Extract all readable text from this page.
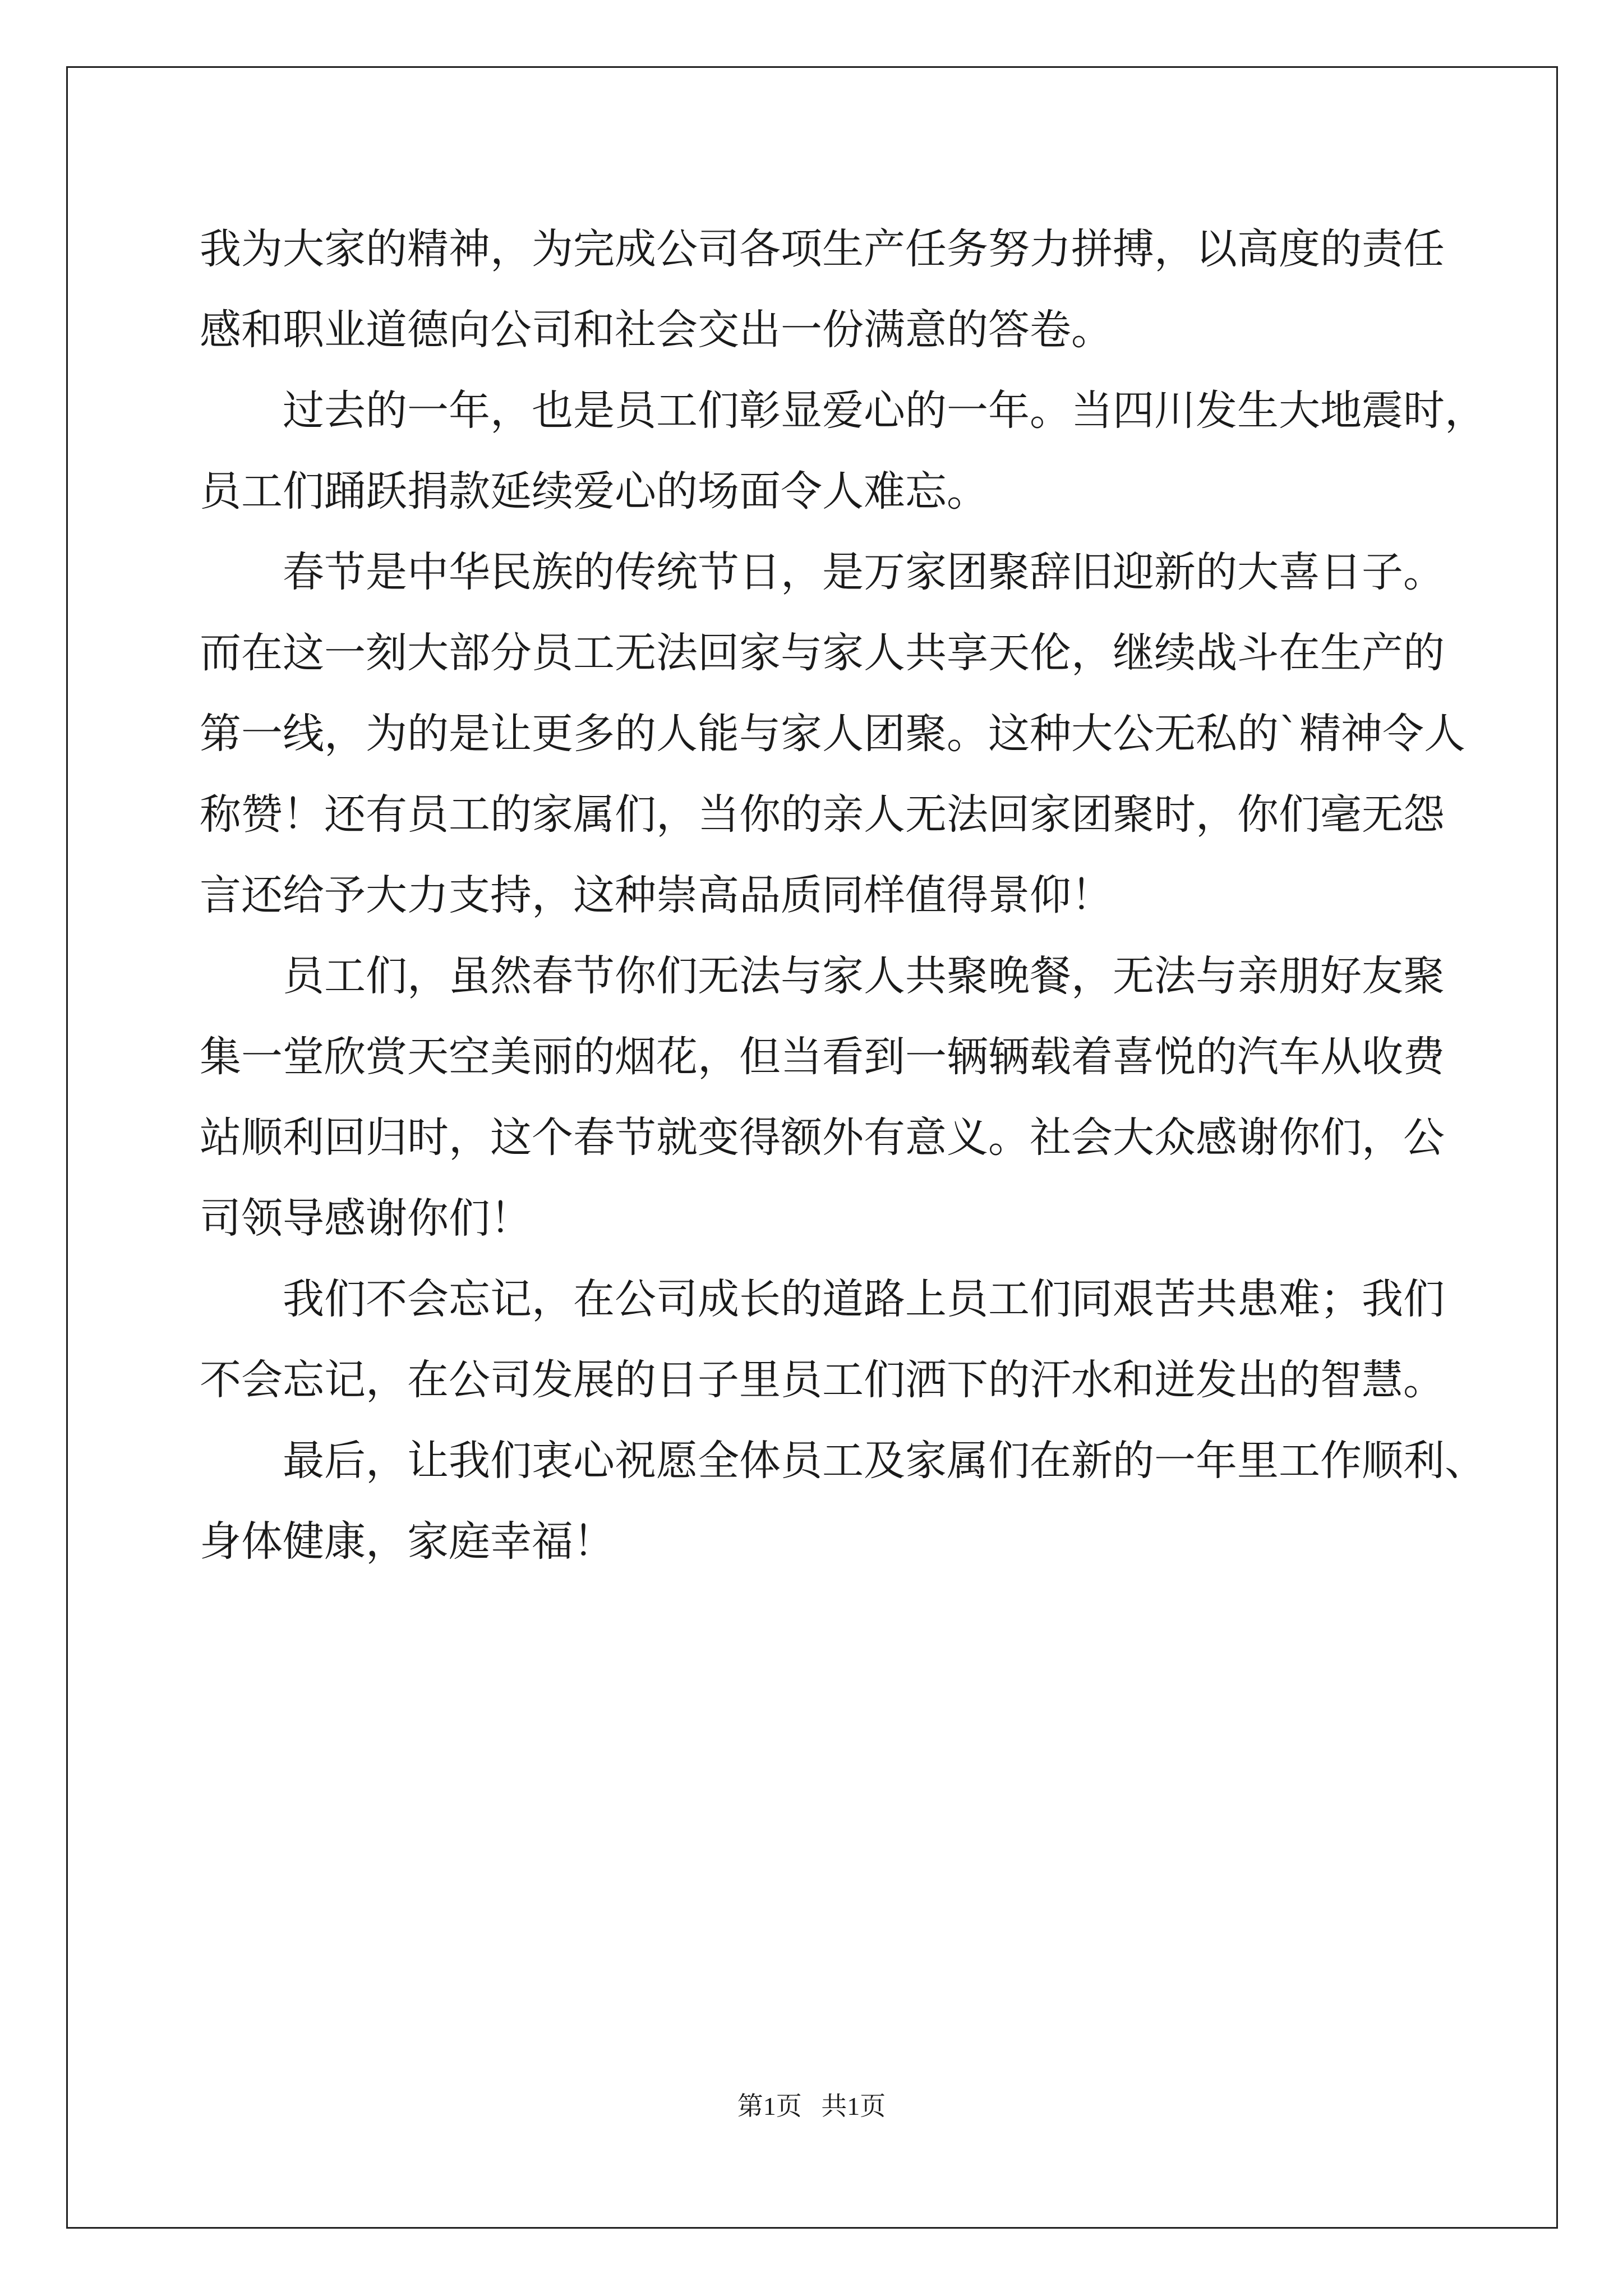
我为大家的精神，为完成公司各项生产任务努力拼搏，以高度的责任
感和职业道德向公司和社会交出一份满意的答卷。
过去的一年，也是员工们彰显爱心的一年。当四川发生大地震时，
员工们踊跃捐款延续爱心的场面令人难忘。
春节是中华民族的传统节日，是万家团聚辞旧迎新的大喜日子。
而在这一刻大部分员工无法回家与家人共享天伦，继续战斗在生产的
第一线，为的是让更多的人能与家人团聚。这种大公无私的`精神令人
称赞！还有员工的家属们，当你的亲人无法回家团聚时，你们毫无怨
言还给予大力支持，这种崇高品质同样值得景仰！
员工们，虽然春节你们无法与家人共聚晚餐，无法与亲朋好友聚
集一堂欣赏天空美丽的烟花，但当看到一辆辆载着喜悦的汽车从收费
站顺利回归时，这个春节就变得额外有意义。社会大众感谢你们，公
司领导感谢你们！
我们不会忘记，在公司成长的道路上员工们同艰苦共患难；我们
不会忘记，在公司发展的日子里员工们洒下的汗水和迸发出的智慧。
最后，让我们衷心祝愿全体员工及家属们在新的一年里工作顺利、
身体健康，家庭幸福！
第1页 共1页
